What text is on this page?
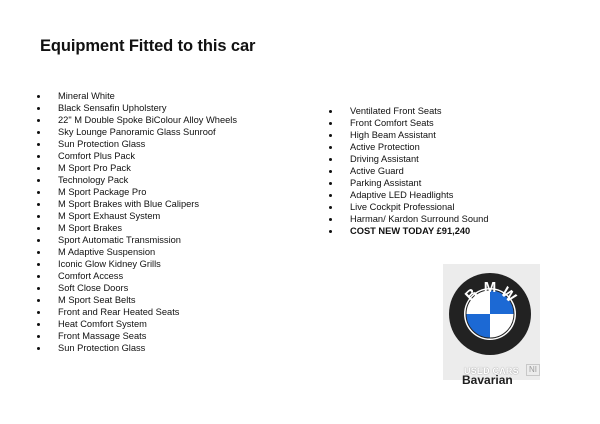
Equipment Fitted to this car
Mineral White
Black Sensafin Upholstery
22" M Double Spoke BiColour Alloy Wheels
Sky Lounge Panoramic Glass Sunroof
Sun Protection Glass
Comfort Plus Pack
M Sport Pro Pack
Technology Pack
M Sport Package Pro
M Sport Brakes with Blue Calipers
M Sport Exhaust System
M Sport Brakes
Sport Automatic Transmission
M Adaptive Suspension
Iconic Glow Kidney Grills
Comfort Access
Soft Close Doors
M Sport Seat Belts
Front and Rear Heated Seats
Heat Comfort System
Front Massage Seats
Sun Protection Glass
Ventilated Front Seats
Front Comfort Seats
High Beam Assistant
Active Protection
Driving Assistant
Active Guard
Parking Assistant
Adaptive LED Headlights
Live Cockpit Professional
Harman/ Kardon Surround Sound
COST NEW TODAY £91,240
B M W
USED CARS
Bavarian
NI
